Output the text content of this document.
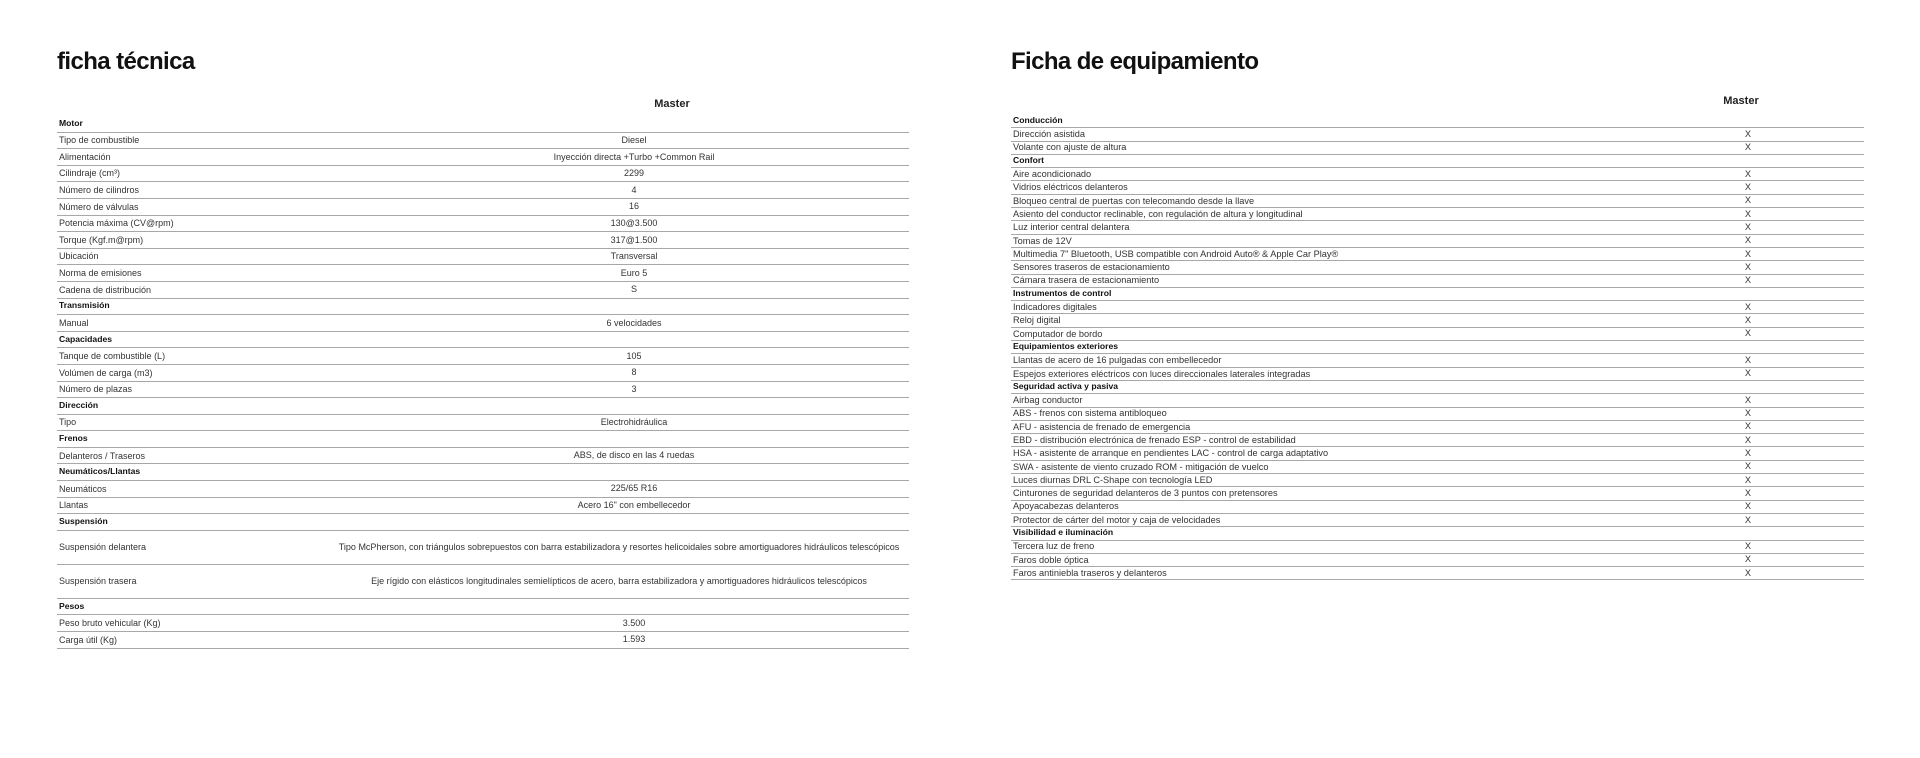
ficha técnica
Master
Motor
Tipo de combustible	Diesel
Alimentación	Inyección directa +Turbo +Common Rail
Cilindraje (cm³)	2299
Número de cilindros	4
Número de válvulas	16
Potencia máxima (CV@rpm)	130@3.500
Torque (Kgf.m@rpm)	317@1.500
Ubicación	Transversal
Norma de emisiones	Euro 5
Cadena de distribución	S
Transmisión
Manual	6 velocidades
Capacidades
Tanque de combustible (L)	105
Volúmen de carga (m3)	8
Número de plazas	3
Dirección
Tipo	Electrohidráulica
Frenos
Delanteros / Traseros	ABS, de disco en las 4 ruedas
Neumáticos/Llantas
Neumáticos	225/65 R16
Llantas	Acero 16" con embellecedor
Suspensión
Suspensión delantera	Tipo McPherson, con triángulos sobrepuestos con barra estabilizadora y resortes helicoidales sobre amortiguadores hidráulicos telescópicos
Suspensión trasera	Eje rígido con elásticos longitudinales semielípticos de acero, barra estabilizadora y amortiguadores hidráulicos telescópicos
Pesos
Peso bruto vehicular (Kg)	3.500
Carga útil (Kg)	1.593
Ficha de equipamiento
Master
Conducción
Dirección asistida	X
Volante con ajuste de altura	X
Confort
Aire acondicionado	X
Vidrios eléctricos delanteros	X
Bloqueo central de puertas con telecomando desde la llave	X
Asiento del conductor reclinable, con regulación de altura y longitudinal	X
Luz interior central delantera	X
Tomas de 12V	X
Multimedia 7" Bluetooth, USB compatible con Android Auto® & Apple Car Play®	X
Sensores traseros de estacionamiento	X
Cámara trasera de estacionamiento	X
Instrumentos de control
Indicadores digitales	X
Reloj digital	X
Computador de bordo	X
Equipamientos exteriores
Llantas de acero de 16 pulgadas con embellecedor	X
Espejos exteriores eléctricos con luces direccionales laterales integradas	X
Seguridad activa y pasiva
Airbag conductor	X
ABS - frenos con sistema antibloqueo	X
AFU - asistencia de frenado de emergencia	X
EBD - distribución electrónica de frenado ESP - control de estabilidad	X
HSA - asistente de arranque en pendientes LAC - control de carga adaptativo	X
SWA - asistente de viento cruzado ROM - mitigación de vuelco	X
Luces diurnas DRL C-Shape con tecnología LED	X
Cinturones de seguridad delanteros de 3 puntos con pretensores	X
Apoyacabezas delanteros	X
Protector de cárter del motor y caja de velocidades	X
Visibilidad e iluminación
Tercera luz de freno	X
Faros doble óptica	X
Faros antiniebla traseros y delanteros	X
